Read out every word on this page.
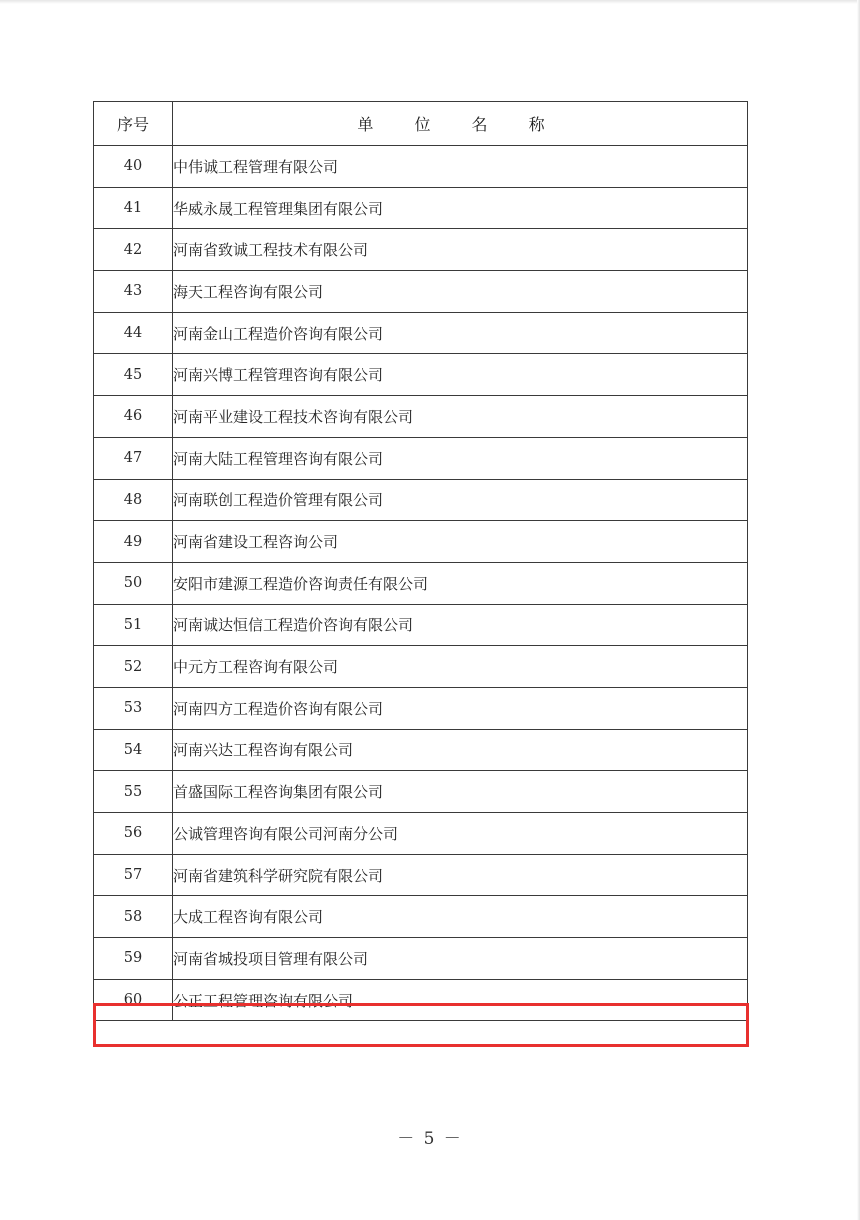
序号	单 位 名 称
40	中伟诚工程管理有限公司
41	华威永晟工程管理集团有限公司
42	河南省致诚工程技术有限公司
43	海天工程咨询有限公司
44	河南金山工程造价咨询有限公司
45	河南兴博工程管理咨询有限公司
46	河南平业建设工程技术咨询有限公司
47	河南大陆工程管理咨询有限公司
48	河南联创工程造价管理有限公司
49	河南省建设工程咨询公司
50	安阳市建源工程造价咨询责任有限公司
51	河南诚达恒信工程造价咨询有限公司
52	中元方工程咨询有限公司
53	河南四方工程造价咨询有限公司
54	河南兴达工程咨询有限公司
55	首盛国际工程咨询集团有限公司
56	公诚管理咨询有限公司河南分公司
57	河南省建筑科学研究院有限公司
58	大成工程咨询有限公司
59	河南省城投项目管理有限公司
60	公正工程管理咨询有限公司
－ 5 －
